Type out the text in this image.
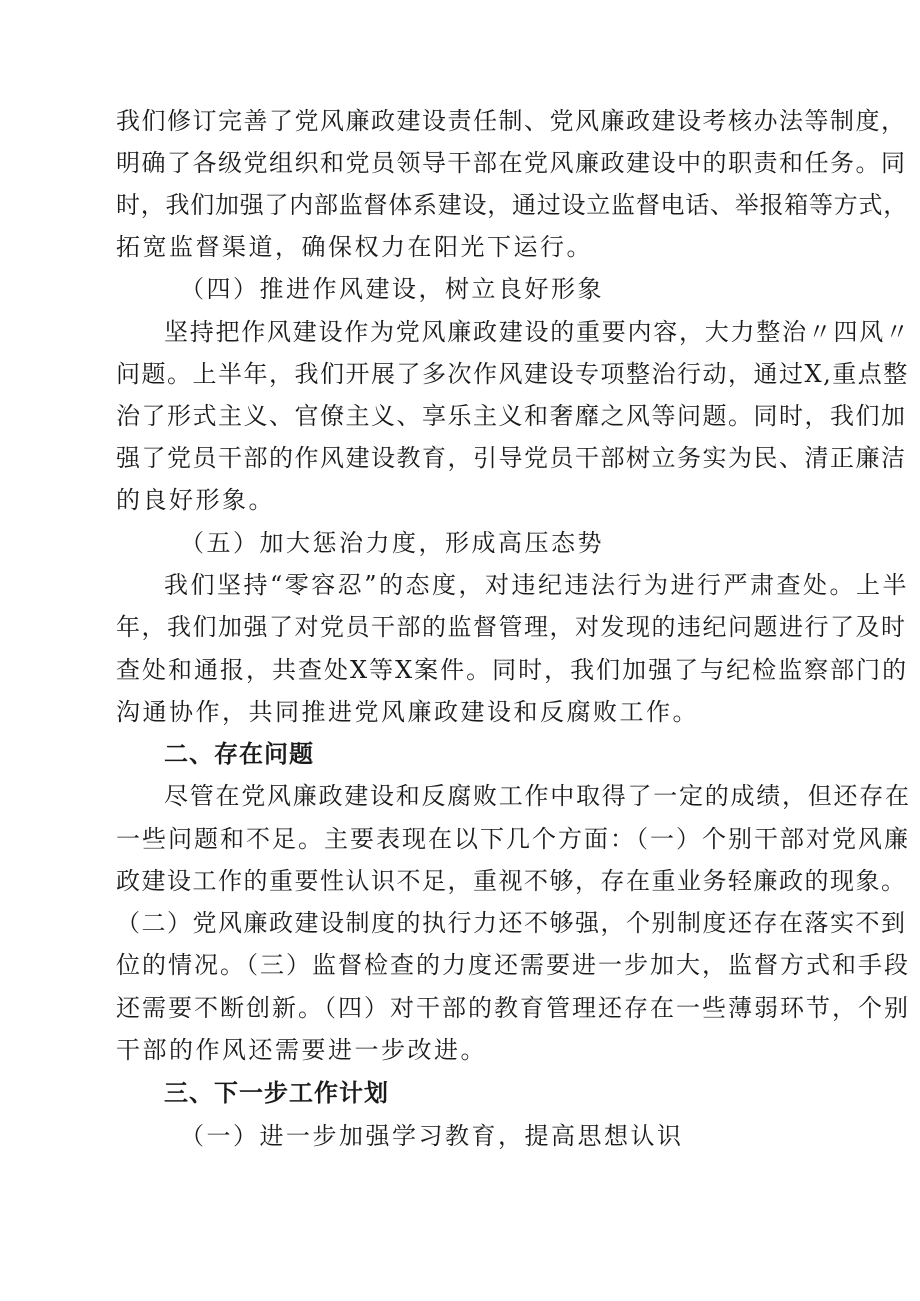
我们修订完善了党风廉政建设责任制、党风廉政建设考核办法等制度，
明确了各级党组织和党员领导干部在党风廉政建设中的职责和任务。同
时，我们加强了内部监督体系建设，通过设立监督电话、举报箱等方式，
拓宽监督渠道，确保权力在阳光下运行。
（四）推进作风建设，树立良好形象
坚持把作风建设作为党风廉政建设的重要内容，大力整治〃四风〃
问题。上半年，我们开展了多次作风建设专项整治行动，通过X,重点整
治了形式主义、官僚主义、享乐主义和奢靡之风等问题。同时，我们加
强了党员干部的作风建设教育，引导党员干部树立务实为民、清正廉洁
的良好形象。
（五）加大惩治力度，形成高压态势
我们坚持“零容忍”的态度，对违纪违法行为进行严肃查处。上半
年，我们加强了对党员干部的监督管理，对发现的违纪问题进行了及时
查处和通报，共查处X等X案件。同时，我们加强了与纪检监察部门的
沟通协作，共同推进党风廉政建设和反腐败工作。
二、存在问题
尽管在党风廉政建设和反腐败工作中取得了一定的成绩，但还存在
一些问题和不足。主要表现在以下几个方面：（一）个别干部对党风廉
政建设工作的重要性认识不足，重视不够，存在重业务轻廉政的现象。
（二）党风廉政建设制度的执行力还不够强，个别制度还存在落实不到
位的情况。（三）监督检查的力度还需要进一步加大，监督方式和手段
还需要不断创新。（四）对干部的教育管理还存在一些薄弱环节，个别
干部的作风还需要进一步改进。
三、下一步工作计划
（一）进一步加强学习教育，提高思想认识
